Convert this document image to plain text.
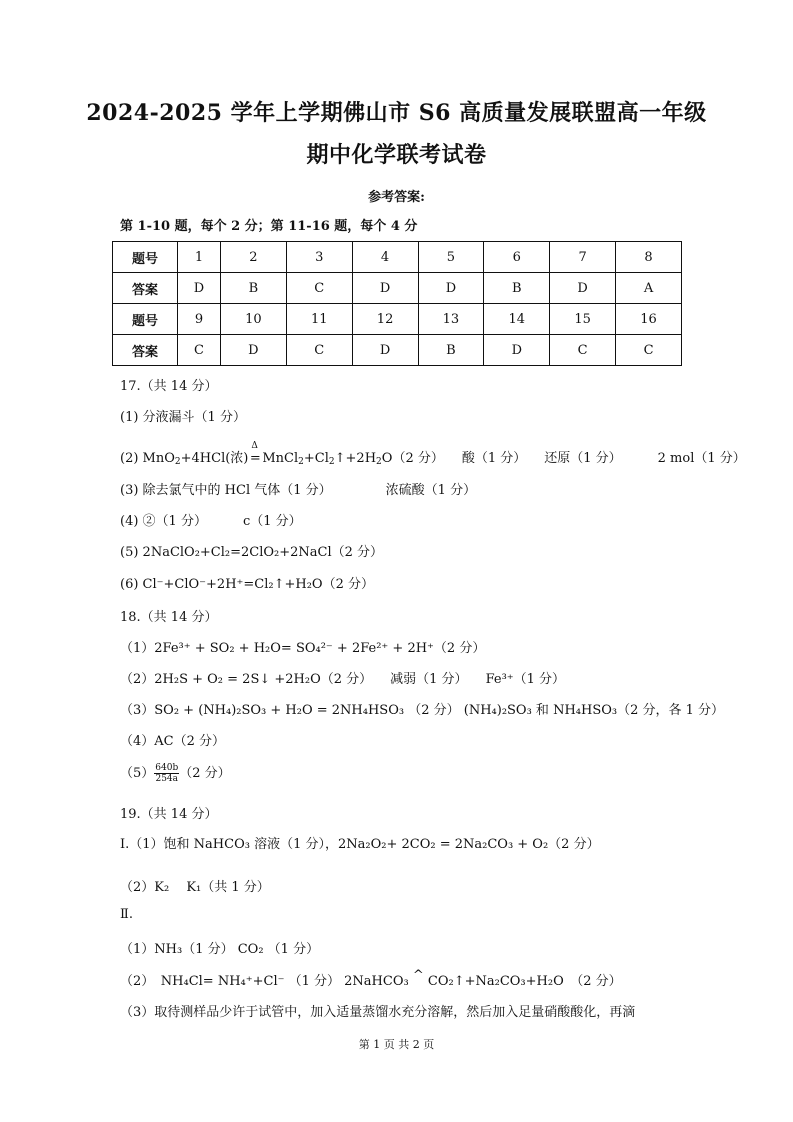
2024-2025 学年上学期佛山市 S6 高质量发展联盟高一年级
期中化学联考试卷
参考答案:
第 1-10 题，每个 2 分；第 11-16 题，每个 4 分
题号	1	2	3	4	5	6	7	8
答案	D	B	C	D	D	B	D	A
题号	9	10	11	12	13	14	15	16
答案	C	D	C	D	B	D	C	C
17.（共 14 分）
(1) 分液漏斗（1 分）
(2) MnO$_2$+4HCl(浓)
Δ
= $MnCl_2+Cl_2↑+2H_2O(2$ 分） 酸（1 分） 还原（1 分）	2 mol（1 分）
(3) 除去氯气中的 HCl 气体（1 分）	浓硫酸（1 分）
(4) ②（1 分）	c（1 分）
(5) 2NaClO₂+Cl₂=2ClO₂+2NaCl（2 分）
(6) Cl⁻+ClO⁻+2H⁺=Cl₂↑+H₂O（2 分）
18.（共 14 分）
（1）2Fe³⁺ + SO₂ + H₂O= SO₄²⁻ + 2Fe²⁺ + 2H⁺（2 分）
（2）2H₂S + O₂ = 2S↓ +2H₂O（2 分） 减弱（1 分） Fe³⁺（1 分）
（3）SO₂ + (NH₄)₂SO₃ + H₂O = 2NH₄HSO₃ （2 分） (NH₄)₂SO₃ 和 NH₄HSO₃（2 分，各 1 分）
（4）AC（2 分）
$(5) \frac{640b}{254a} (2$ 分）
19.（共 14 分）
Ⅰ.（1）饱和 NaHCO₃ 溶液（1 分），2Na₂O₂+ 2CO₂ = 2Na₂CO₃ + O₂（2 分）
（2）K₂　 K₁（共 1 分）
Ⅱ.
（1）NH₃（1 分） CO₂ （1 分）
（2）　NH₄Cl= NH₄⁺+Cl⁻ （1 分） 2NaHCO₃ ^ CO₂↑+Na₂CO₃+H₂O　（2 分）
（3）取待测样品少许于试管中，加入适量蒸馏水充分溶解，然后加入足量硝酸酸化，再滴
第 1 页 共 2 页
